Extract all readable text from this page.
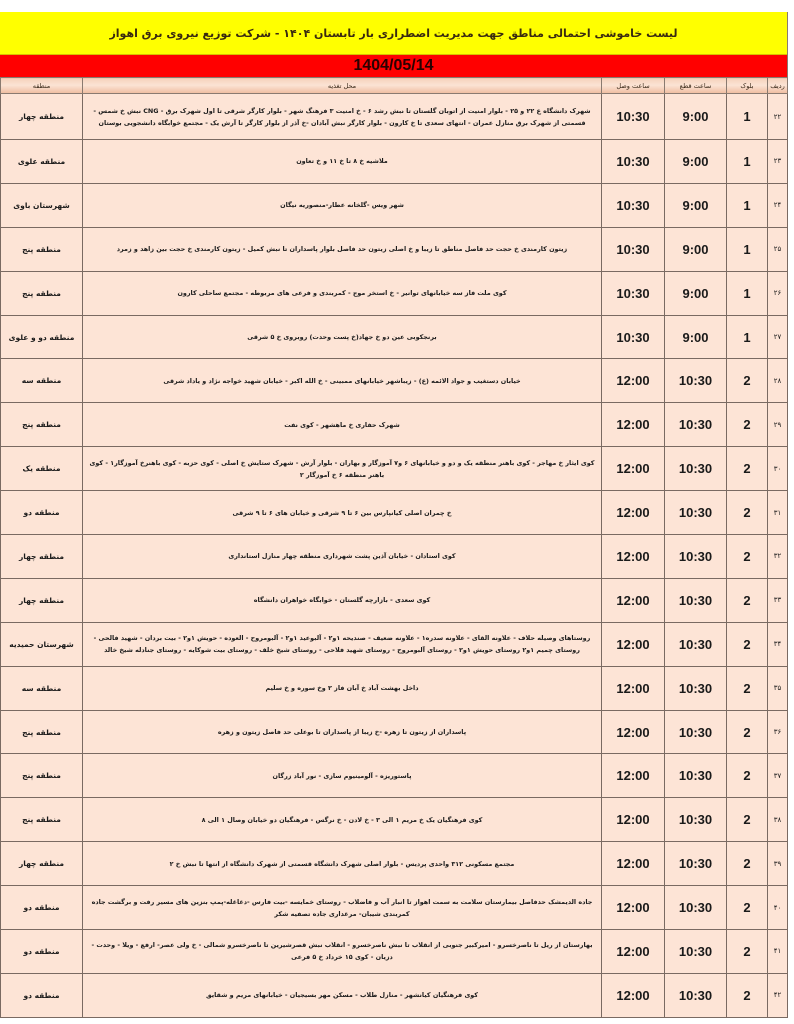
لیست خاموشی احتمالی مناطق جهت مدیریت اضطراری بار تابستان ۱۴۰۴ - شرکت توزیع نیروی برق اهواز
1404/05/14
ردیف	بلوک	ساعت قطع	ساعت وصل	محل تغذیه	منطقه
۲۲	1	9:00	10:30	شهرک دانشگاه ع ۲۲ و ۲۵ - بلوار امنیت از اتوبان گلستان تا نبش رشد ۶ - خ امنیت ۳ فرهنگ شهر - بلوار کارگر شرقی تا اول شهرک برق - CNG نبش خ شمس - قسمتی از شهرک برق منازل عمران - انتهای سعدی تا خ کارون - بلوار کارگر نبش آبادان -خ آذر از بلوار کارگر تا آرش یک - مجتمع خوابگاه دانشجویی بوستان	منطقه چهار
۲۳	1	9:00	10:30	ملاشیه خ ۸ تا خ ۱۱ و خ تعاون	منطقه علوی
۲۴	1	9:00	10:30	شهر ویس -گلخانه عطار-منصوریه نیگان	شهرستان باوی
۲۵	1	9:00	10:30	زیتون کارمندی خ حجت حد فاصل مناطق تا زیبا و خ اصلی زیتون حد فاصل بلوار پاسداران تا نبش کمیل - زیتون کارمندی خ حجت بین زاهد و زمرد	منطقه پنج
۲۶	1	9:00	10:30	کوی ملت فاز سه خیابانهای توانیر - خ استخر موج - کمربندی و فرعی های مربوطه - مجتمع ساحلی کارون	منطقه پنج
۲۷	1	9:00	10:30	برنجکوبی عین دو خ جهاد(خ پست وحدت) روبروی خ ۵ شرقی	منطقه دو و علوی
۲۸	2	10:30	12:00	خیابان دستغیب و جواد الائمه (ع) - زیباشهر خیابانهای ممبینی - خ الله اکبر - خیابان شهید خواجه نژاد و یاداد شرقی	منطقه سه
۲۹	2	10:30	12:00	شهرک حفاری خ ماهشهر - کوی نفت	منطقه پنج
۳۰	2	10:30	12:00	کوی ایثار خ مهاجر - کوی باهنر منطقه یک و دو و خیابانهای ۶ و۷ آموزگار و بهاران - بلوار آرش - شهرک ستایش خ اصلی - کوی حزبه - کوی باهنرخ آموزگار۱ - کوی باهنر منطقه ۶ خ آموزگار ۲	منطقه یک
۳۱	2	10:30	12:00	خ چمران اصلی کیانپارس بین ۶ تا ۹ شرقی و خیابان های ۶ تا ۹ شرقی	منطقه دو
۳۲	2	10:30	12:00	کوی استادان - خیابان آذین پشت شهرداری منطقه چهار منازل استانداری	منطقه چهار
۳۳	2	10:30	12:00	کوی سعدی - بازارچه گلستان - خوابگاه خواهران دانشگاه	منطقه چهار
۳۴	2	10:30	12:00	روستاهای وصیله حلاف - علاونه القای - علاونه سدره۱ - علاونه ضعیف - صندیحه ۱و۲ - آلبوعید ۱و۲ - آلبومروح - العوده - حویش ۱و۲ - بیت بردان - شهید فالحی - روستای چمیم ۱و۲ روستای حویش ۱و۲ - روستای آلبومروح - روستای شهید فلاحی - روستای شیخ خلف - روستای بیت شوکایه - روستای جنادله شیخ خالد	شهرستان حمیدیه
۳۵	2	10:30	12:00	داخل بهشت آباد خ آبان فاز ۲ وخ سوره و خ سلیم	منطقه سه
۳۶	2	10:30	12:00	پاسداران از زیتون تا زهره -خ زیبا از پاسداران تا بوعلی حد فاصل زیتون و زهره	منطقه پنج
۳۷	2	10:30	12:00	پاستوریزه - آلومینیوم سازی - نور آباد زرگان	منطقه پنج
۳۸	2	10:30	12:00	کوی فرهنگیان یک خ مریم ۱ الی ۳ - خ لادن - خ نرگس - فرهنگیان دو خیابان وصال ۱ الی ۸	منطقه پنج
۳۹	2	10:30	12:00	مجتمع مسکونی ۳۱۲ واحدی پردیس - بلوار اصلی شهرک دانشگاه قسمتی از شهرک دانشگاه از انتها تا نبش خ ۲	منطقه چهار
۴۰	2	10:30	12:00	جاده الدیمشک حدفاصل بیمارستان سلامت به سمت اهواز تا انبار آب و فاضلاب - روستای خمایسه -بیت فارس -دغاغله-پمپ بنزین های مسیر رفت و برگشت جاده کمربندی شیبان- مرغداری جاده تصفیه شکر	منطقه دو
۴۱	2	10:30	12:00	بهارستان از ریل تا ناصرخسرو - امیرکبیر جنوبی از انقلاب تا نبش ناصرخسرو - انقلاب نبش قصرشیرین تا ناصرخسرو شمالی - خ ولی عصر- ارفع - ویلا - وحدت - دزیان - کوی ۱۵ خرداد خ ۵ فرعی	منطقه دو
۴۲	2	10:30	12:00	کوی فرهنگیان کیانشهر - منازل طلاب - مسکن مهر بسیجیان - خیابانهای مریم و شقایق	منطقه دو
